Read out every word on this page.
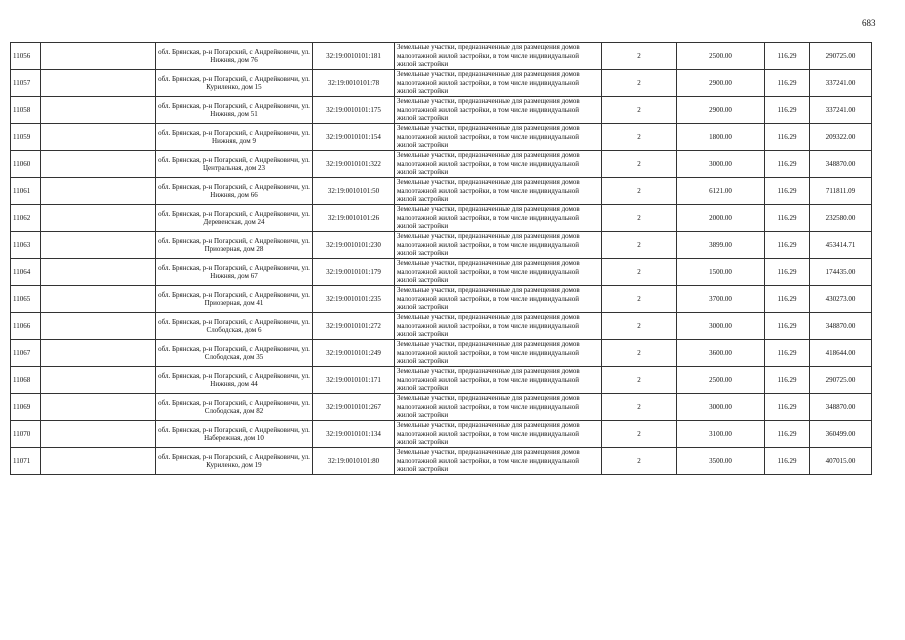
683
11056		обл. Брянская, р-н Погарский, с Андрейковичи, ул. Нижняя, дом 76	32:19:0010101:181	Земельные участки, предназначенные для размещения домов малоэтажной жилой застройки, в том числе индивидуальной жилой застройки	2	2500.00	116.29	290725.00
11057		обл. Брянская, р-н Погарский, с Андрейковичи, ул. Куриленко, дом 15	32:19:0010101:78	Земельные участки, предназначенные для размещения домов малоэтажной жилой застройки, в том числе индивидуальной жилой застройки	2	2900.00	116.29	337241.00
11058		обл. Брянская, р-н Погарский, с Андрейковичи, ул. Нижняя, дом 51	32:19:0010101:175	Земельные участки, предназначенные для размещения домов малоэтажной жилой застройки, в том числе индивидуальной жилой застройки	2	2900.00	116.29	337241.00
11059		обл. Брянская, р-н Погарский, с Андрейковичи, ул. Нижняя, дом 9	32:19:0010101:154	Земельные участки, предназначенные для размещения домов малоэтажной жилой застройки, в том числе индивидуальной жилой застройки	2	1800.00	116.29	209322.00
11060		обл. Брянская, р-н Погарский, с Андрейковичи, ул. Центральная, дом 23	32:19:0010101:322	Земельные участки, предназначенные для размещения домов малоэтажной жилой застройки, в том числе индивидуальной жилой застройки	2	3000.00	116.29	348870.00
11061		обл. Брянская, р-н Погарский, с Андрейковичи, ул. Нижняя, дом 66	32:19:0010101:50	Земельные участки, предназначенные для размещения домов малоэтажной жилой застройки, в том числе индивидуальной жилой застройки	2	6121.00	116.29	711811.09
11062		обл. Брянская, р-н Погарский, с Андрейковичи, ул. Деревенская, дом 24	32:19:0010101:26	Земельные участки, предназначенные для размещения домов малоэтажной жилой застройки, в том числе индивидуальной жилой застройки	2	2000.00	116.29	232580.00
11063		обл. Брянская, р-н Погарский, с Андрейковичи, ул. Приозерная, дом 28	32:19:0010101:230	Земельные участки, предназначенные для размещения домов малоэтажной жилой застройки, в том числе индивидуальной жилой застройки	2	3899.00	116.29	453414.71
11064		обл. Брянская, р-н Погарский, с Андрейковичи, ул. Нижняя, дом 67	32:19:0010101:179	Земельные участки, предназначенные для размещения домов малоэтажной жилой застройки, в том числе индивидуальной жилой застройки	2	1500.00	116.29	174435.00
11065		обл. Брянская, р-н Погарский, с Андрейковичи, ул. Приозерная, дом 41	32:19:0010101:235	Земельные участки, предназначенные для размещения домов малоэтажной жилой застройки, в том числе индивидуальной жилой застройки	2	3700.00	116.29	430273.00
11066		обл. Брянская, р-н Погарский, с Андрейковичи, ул. Слободская, дом 6	32:19:0010101:272	Земельные участки, предназначенные для размещения домов малоэтажной жилой застройки, в том числе индивидуальной жилой застройки	2	3000.00	116.29	348870.00
11067		обл. Брянская, р-н Погарский, с Андрейковичи, ул. Слободская, дом 35	32:19:0010101:249	Земельные участки, предназначенные для размещения домов малоэтажной жилой застройки, в том числе индивидуальной жилой застройки	2	3600.00	116.29	418644.00
11068		обл. Брянская, р-н Погарский, с Андрейковичи, ул. Нижняя, дом 44	32:19:0010101:171	Земельные участки, предназначенные для размещения домов малоэтажной жилой застройки, в том числе индивидуальной жилой застройки	2	2500.00	116.29	290725.00
11069		обл. Брянская, р-н Погарский, с Андрейковичи, ул. Слободская, дом 82	32:19:0010101:267	Земельные участки, предназначенные для размещения домов малоэтажной жилой застройки, в том числе индивидуальной жилой застройки	2	3000.00	116.29	348870.00
11070		обл. Брянская, р-н Погарский, с Андрейковичи, ул. Набережная, дом 10	32:19:0010101:134	Земельные участки, предназначенные для размещения домов малоэтажной жилой застройки, в том числе индивидуальной жилой застройки	2	3100.00	116.29	360499.00
11071		обл. Брянская, р-н Погарский, с Андрейковичи, ул. Куриленко, дом 19	32:19:0010101:80	Земельные участки, предназначенные для размещения домов малоэтажной жилой застройки, в том числе индивидуальной жилой застройки	2	3500.00	116.29	407015.00
